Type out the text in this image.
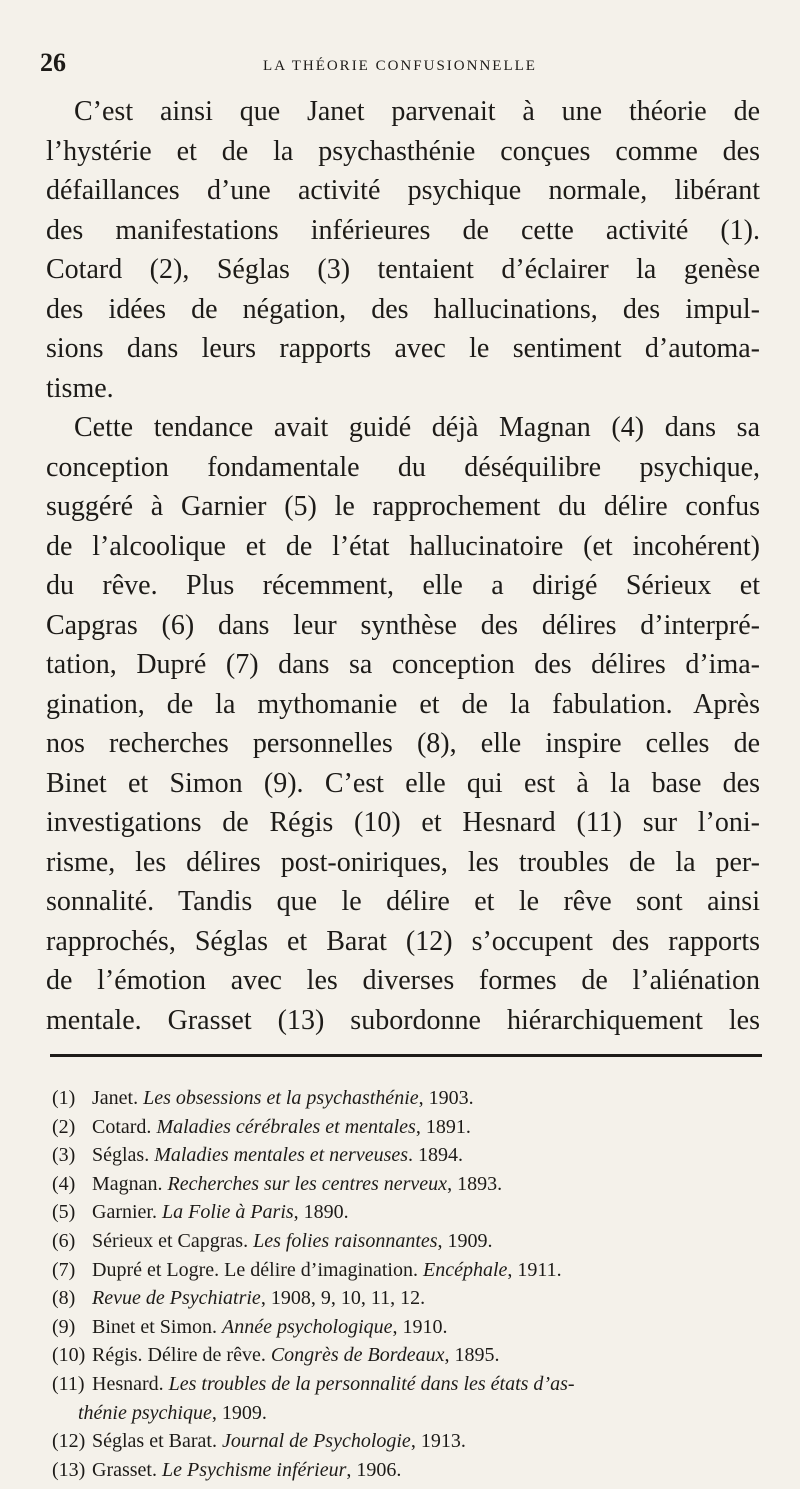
26	LA THÉORIE CONFUSIONNELLE
C’est ainsi que Janet parvenait à une théorie de
l’hystérie et de la psychasthénie conçues comme des
défaillances d’une activité psychique normale, libérant
des manifestations inférieures de cette activité (1).
Cotard (2), Séglas (3) tentaient d’éclairer la genèse
des idées de négation, des hallucinations, des impul-
sions dans leurs rapports avec le sentiment d’automa-
tisme.
Cette tendance avait guidé déjà Magnan (4) dans sa
conception fondamentale du déséquilibre psychique,
suggéré à Garnier (5) le rapprochement du délire confus
de l’alcoolique et de l’état hallucinatoire (et incohérent)
du rêve. Plus récemment, elle a dirigé Sérieux et
Capgras (6) dans leur synthèse des délires d’interpré-
tation, Dupré (7) dans sa conception des délires d’ima-
gination, de la mythomanie et de la fabulation. Après
nos recherches personnelles (8), elle inspire celles de
Binet et Simon (9). C’est elle qui est à la base des
investigations de Régis (10) et Hesnard (11) sur l’oni-
risme, les délires post-oniriques, les troubles de la per-
sonnalité. Tandis que le délire et le rêve sont ainsi
rapprochés, Séglas et Barat (12) s’occupent des rapports
de l’émotion avec les diverses formes de l’aliénation
mentale. Grasset (13) subordonne hiérarchiquement les
(1) Janet. Les obsessions et la psychasthénie, 1903.
(2) Cotard. Maladies cérébrales et mentales, 1891.
(3) Séglas. Maladies mentales et nerveuses. 1894.
(4) Magnan. Recherches sur les centres nerveux, 1893.
(5) Garnier. La Folie à Paris, 1890.
(6) Sérieux et Capgras. Les folies raisonnantes, 1909.
(7) Dupré et Logre. Le délire d’imagination. Encéphale, 1911.
(8) Revue de Psychiatrie, 1908, 9, 10, 11, 12.
(9) Binet et Simon. Année psychologique, 1910.
(10) Régis. Délire de rêve. Congrès de Bordeaux, 1895.
(11) Hesnard. Les troubles de la personnalité dans les états d’as-
thénie psychique, 1909.
(12) Séglas et Barat. Journal de Psychologie, 1913.
(13) Grasset. Le Psychisme inférieur, 1906.
